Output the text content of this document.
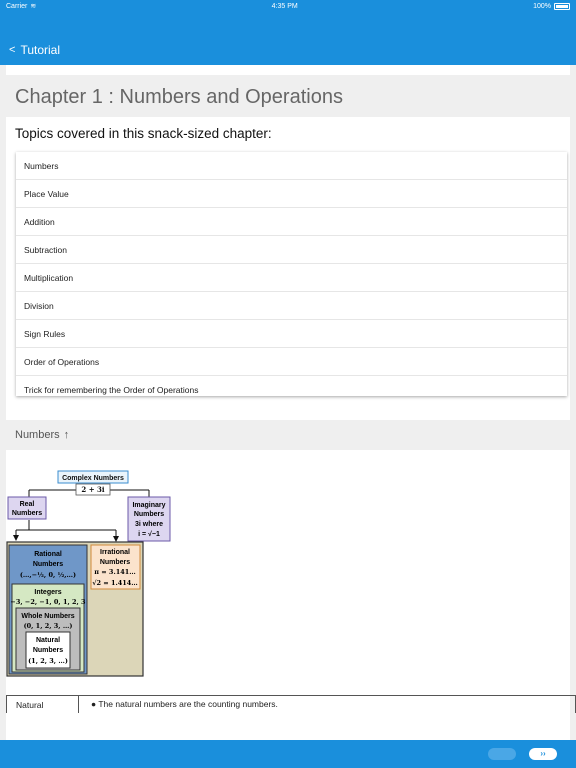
Carrier ≋	4:35 PM	100%
< Tutorial
Chapter 1 : Numbers and Operations
Topics covered in this snack-sized chapter:
Numbers
Place Value
Addition
Subtraction
Multiplication
Division
Sign Rules
Order of Operations
Trick for remembering the Order of Operations
Numbers ↑
Complex Numbers
2 + 3i
Real
Numbers
Imaginary
Numbers
3i where
i = √−1
Rational
Numbers
(…,−½, 0, ½,…)
Integers
−3, −2, −1, 0, 1, 2, 3
Whole Numbers
(0, 1, 2, 3, …)
Natural
Numbers
(1, 2, 3, …)
Irrational
Numbers
π = 3.141…
√2 = 1.414…
Natural	● The natural numbers are the counting numbers.
››
